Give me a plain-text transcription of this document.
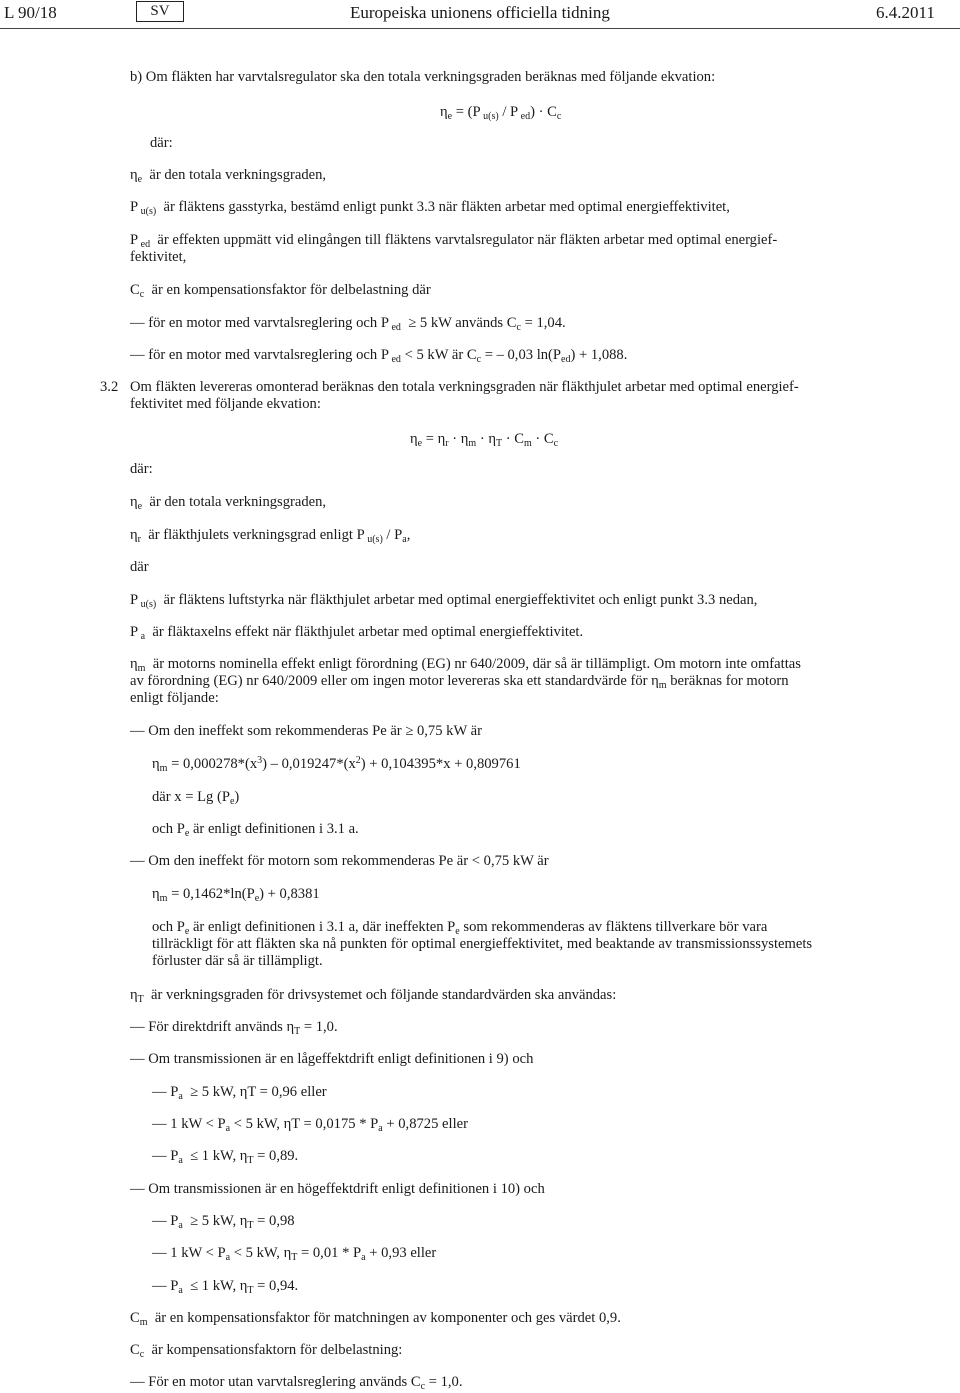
L 90/18	SV	Europeiska unionens officiella tidning	6.4.2011
b) Om fläkten har varvtalsregulator ska den totala verkningsgraden beräknas med följande ekvation:
$\eta_e = (P$ $_{u(s)}$ / P $_{ed}) \cdot C_c$
där:
$\eta_e$ är den totala verkningsgraden,
P $_{u(s)}$ är fläktens gasstyrka, bestämd enligt punkt 3.3 när fläkten arbetar med optimal energieffektivitet,
P $_{ed}$ är effekten uppmätt vid elingången till fläktens varvtalsregulator när fläkten arbetar med optimal energief-
fektivitet,
$C_c$ är en kompensationsfaktor för delbelastning där
— för en motor med varvtalsreglering och P $_{ed}$ ≥ 5 kW används $C_c = 1,04$.
— för en motor med varvtalsreglering och P $_{ed}$ < 5 kW är $C_c$ = – 0,03 $\ln(P_{ed}) + 1,088$.
3.2 Om fläkten levereras omonterad beräknas den totala verkningsgraden när fläkthjulet arbetar med optimal energief-
fektivitet med följande ekvation:
$\eta_e = \eta_r \cdot \eta_m \cdot \eta_T \cdot C_m \cdot C_c$
där:
$\eta_e$ är den totala verkningsgraden,
$\eta_r$ är fläkthjulets verkningsgrad enligt P $_{u(s)} / P_a$,
där
P $_{u(s)}$ är fläktens luftstyrka när fläkthjulet arbetar med optimal energieffektivitet och enligt punkt 3.3 nedan,
P $_a$ är fläktaxelns effekt när fläkthjulet arbetar med optimal energieffektivitet.
$\eta_m$ är motorns nominella effekt enligt förordning (EG) nr 640/2009, där så är tillämpligt. Om motorn inte omfattas
av förordning (EG) nr 640/2009 eller om ingen motor levereras ska ett standardvärde för $\eta_m$ beräknas for motorn
enligt följande:
— Om den ineffekt som rekommenderas Pe är ≥ 0,75 kW är
$\eta_m = 0,000278*(x^3) - 0,019247*(x^2) + 0,104395*x + 0,809761$
där x = Lg $(P_e)$
och $P_e$ är enligt definitionen i 3.1 a.
— Om den ineffekt för motorn som rekommenderas Pe är < 0,75 kW är
$\eta_m = 0,1462*\ln(P_e) + 0,8381$
och $P_e$ är enligt definitionen i 3.1 a, där ineffekten $P_e$ som rekommenderas av fläktens tillverkare bör vara
tillräckligt för att fläkten ska nå punkten för optimal energieffektivitet, med beaktande av transmissionssystemets
förluster där så är tillämpligt.
$\eta_T$ är verkningsgraden för drivsystemet och följande standardvärden ska användas:
— För direktdrift används $\eta_T = 1,0$.
— Om transmissionen är en lågeffektdrift enligt definitionen i 9) och
— $P_a \ge 5$ kW, ηT = 0,96 eller
— 1 kW < $P_a < 5$ kW, $\eta T = 0,0175 * P_a + 0,8725$ eller
— $P_a \le 1$ kW, $\eta_T = 0,89$.
— Om transmissionen är en högeffektdrift enligt definitionen i 10) och
— $P_a \ge 5$ kW, $\eta_T = 0,98$
— 1 kW < $P_a < 5$ kW, $\eta_T = 0,01 * P_a + 0,93$ eller
— $P_a \le 1$ kW, $\eta_T = 0,94$.
$C_m$ är en kompensationsfaktor för matchningen av komponenter och ges värdet 0,9.
$C_c$ är kompensationsfaktorn för delbelastning:
— För en motor utan varvtalsreglering används $C_c = 1,0$.
